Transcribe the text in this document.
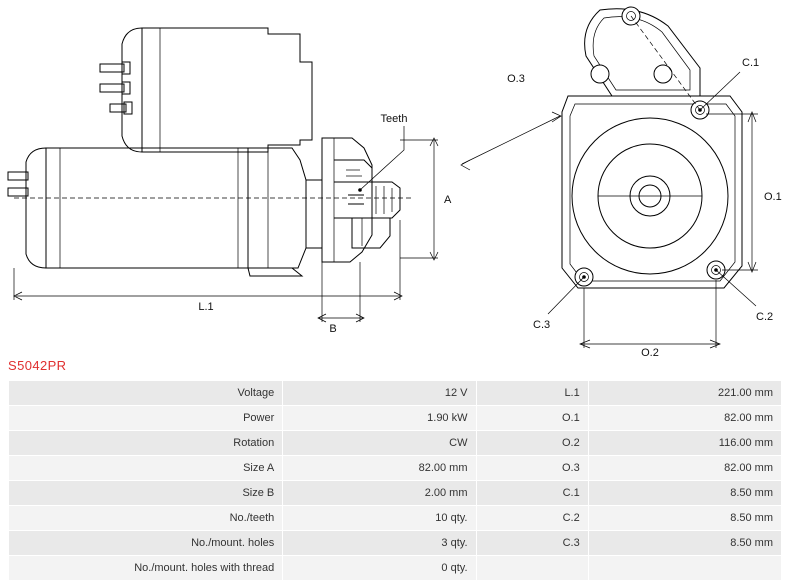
Teeth
A
L.1
B
O.3
O.1
O.2
C.1
C.2
C.3
S5042PR
Voltage	12 V	L.1	221.00 mm
Power	1.90 kW	O.1	82.00 mm
Rotation	CW	O.2	116.00 mm
Size A	82.00 mm	O.3	82.00 mm
Size B	2.00 mm	C.1	8.50 mm
No./teeth	10 qty.	C.2	8.50 mm
No./mount. holes	3 qty.	C.3	8.50 mm
No./mount. holes with thread	0 qty.		
